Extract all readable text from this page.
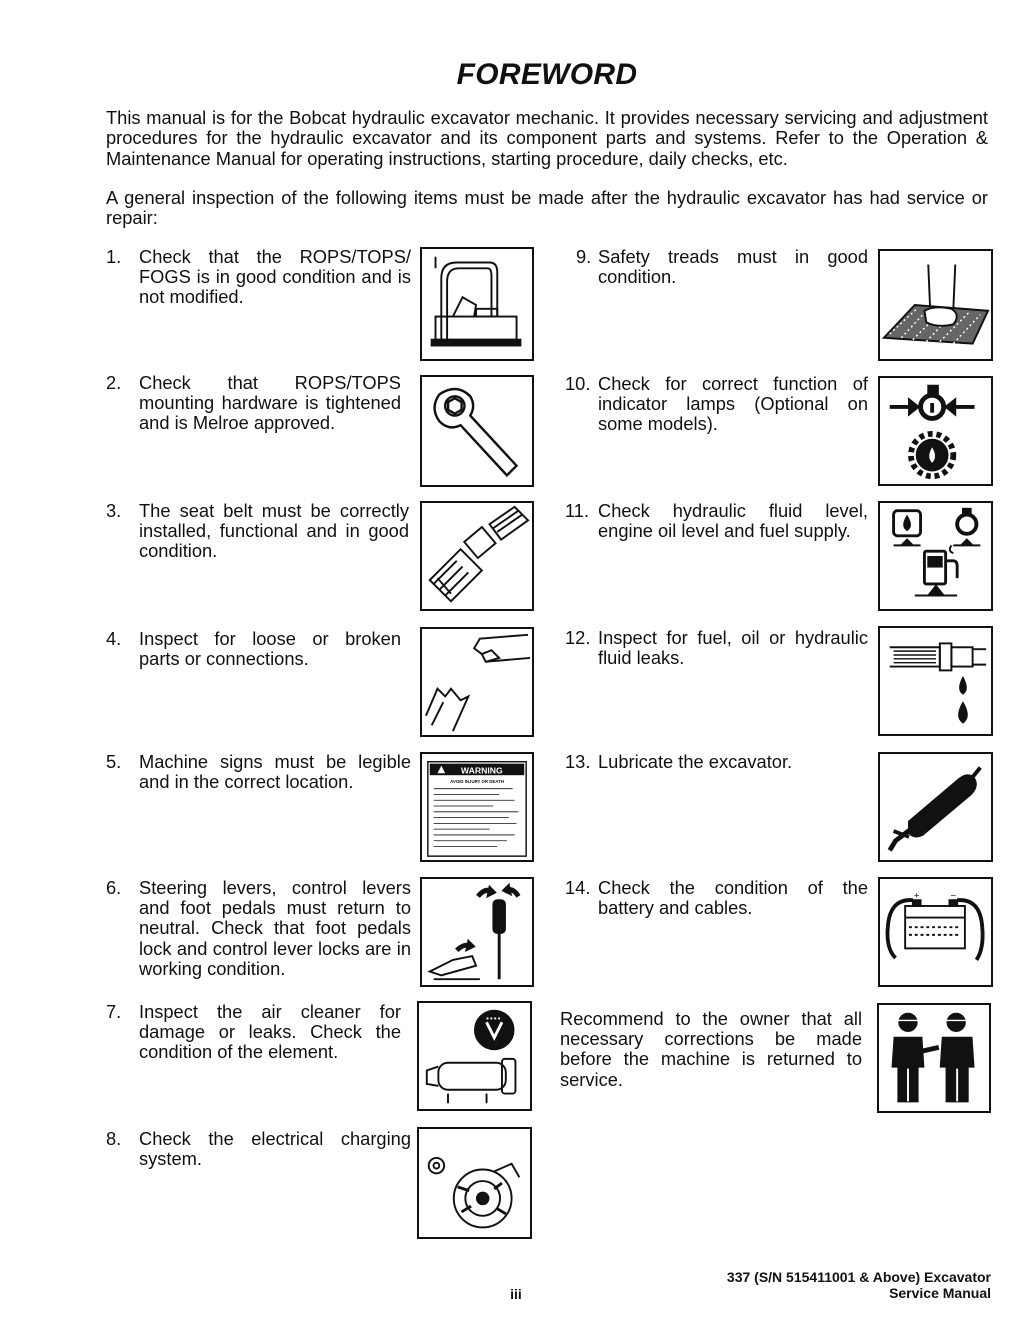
FOREWORD

This manual is for the Bobcat hydraulic excavator mechanic. It provides necessary servicing and adjustment procedures for the hydraulic excavator and its component parts and systems. Refer to the Operation & Maintenance Manual for operating instructions, starting procedure, daily checks, etc.

A general inspection of the following items must be made after the hydraulic excavator has had service or repair:

1. Check that the ROPS/TOPS/ FOGS is in good condition and is not modified.
2. Check that ROPS/TOPS mounting hardware is tightened and is Melroe approved.
3. The seat belt must be correctly installed, functional and in good condition.
4. Inspect for loose or broken parts or connections.
5. Machine signs must be legible and in the correct location.
WARNING
AVOID INJURY OR DEATH
6. Steering levers, control levers and foot pedals must return to neutral. Check that foot pedals lock and control lever locks are in working condition.
7. Inspect the air cleaner for damage or leaks. Check the condition of the element.
8. Check the electrical charging system.
9. Safety treads must in good condition.
10. Check for correct function of indicator lamps (Optional on some models).
11. Check hydraulic fluid level, engine oil level and fuel supply.
12. Inspect for fuel, oil or hydraulic fluid leaks.
13. Lubricate the excavator.
14. Check the condition of the battery and cables.
+	−

Recommend to the owner that all necessary corrections be made before the machine is returned to service.

337 (S/N 515411001 & Above) Excavator
Service Manual
iii
